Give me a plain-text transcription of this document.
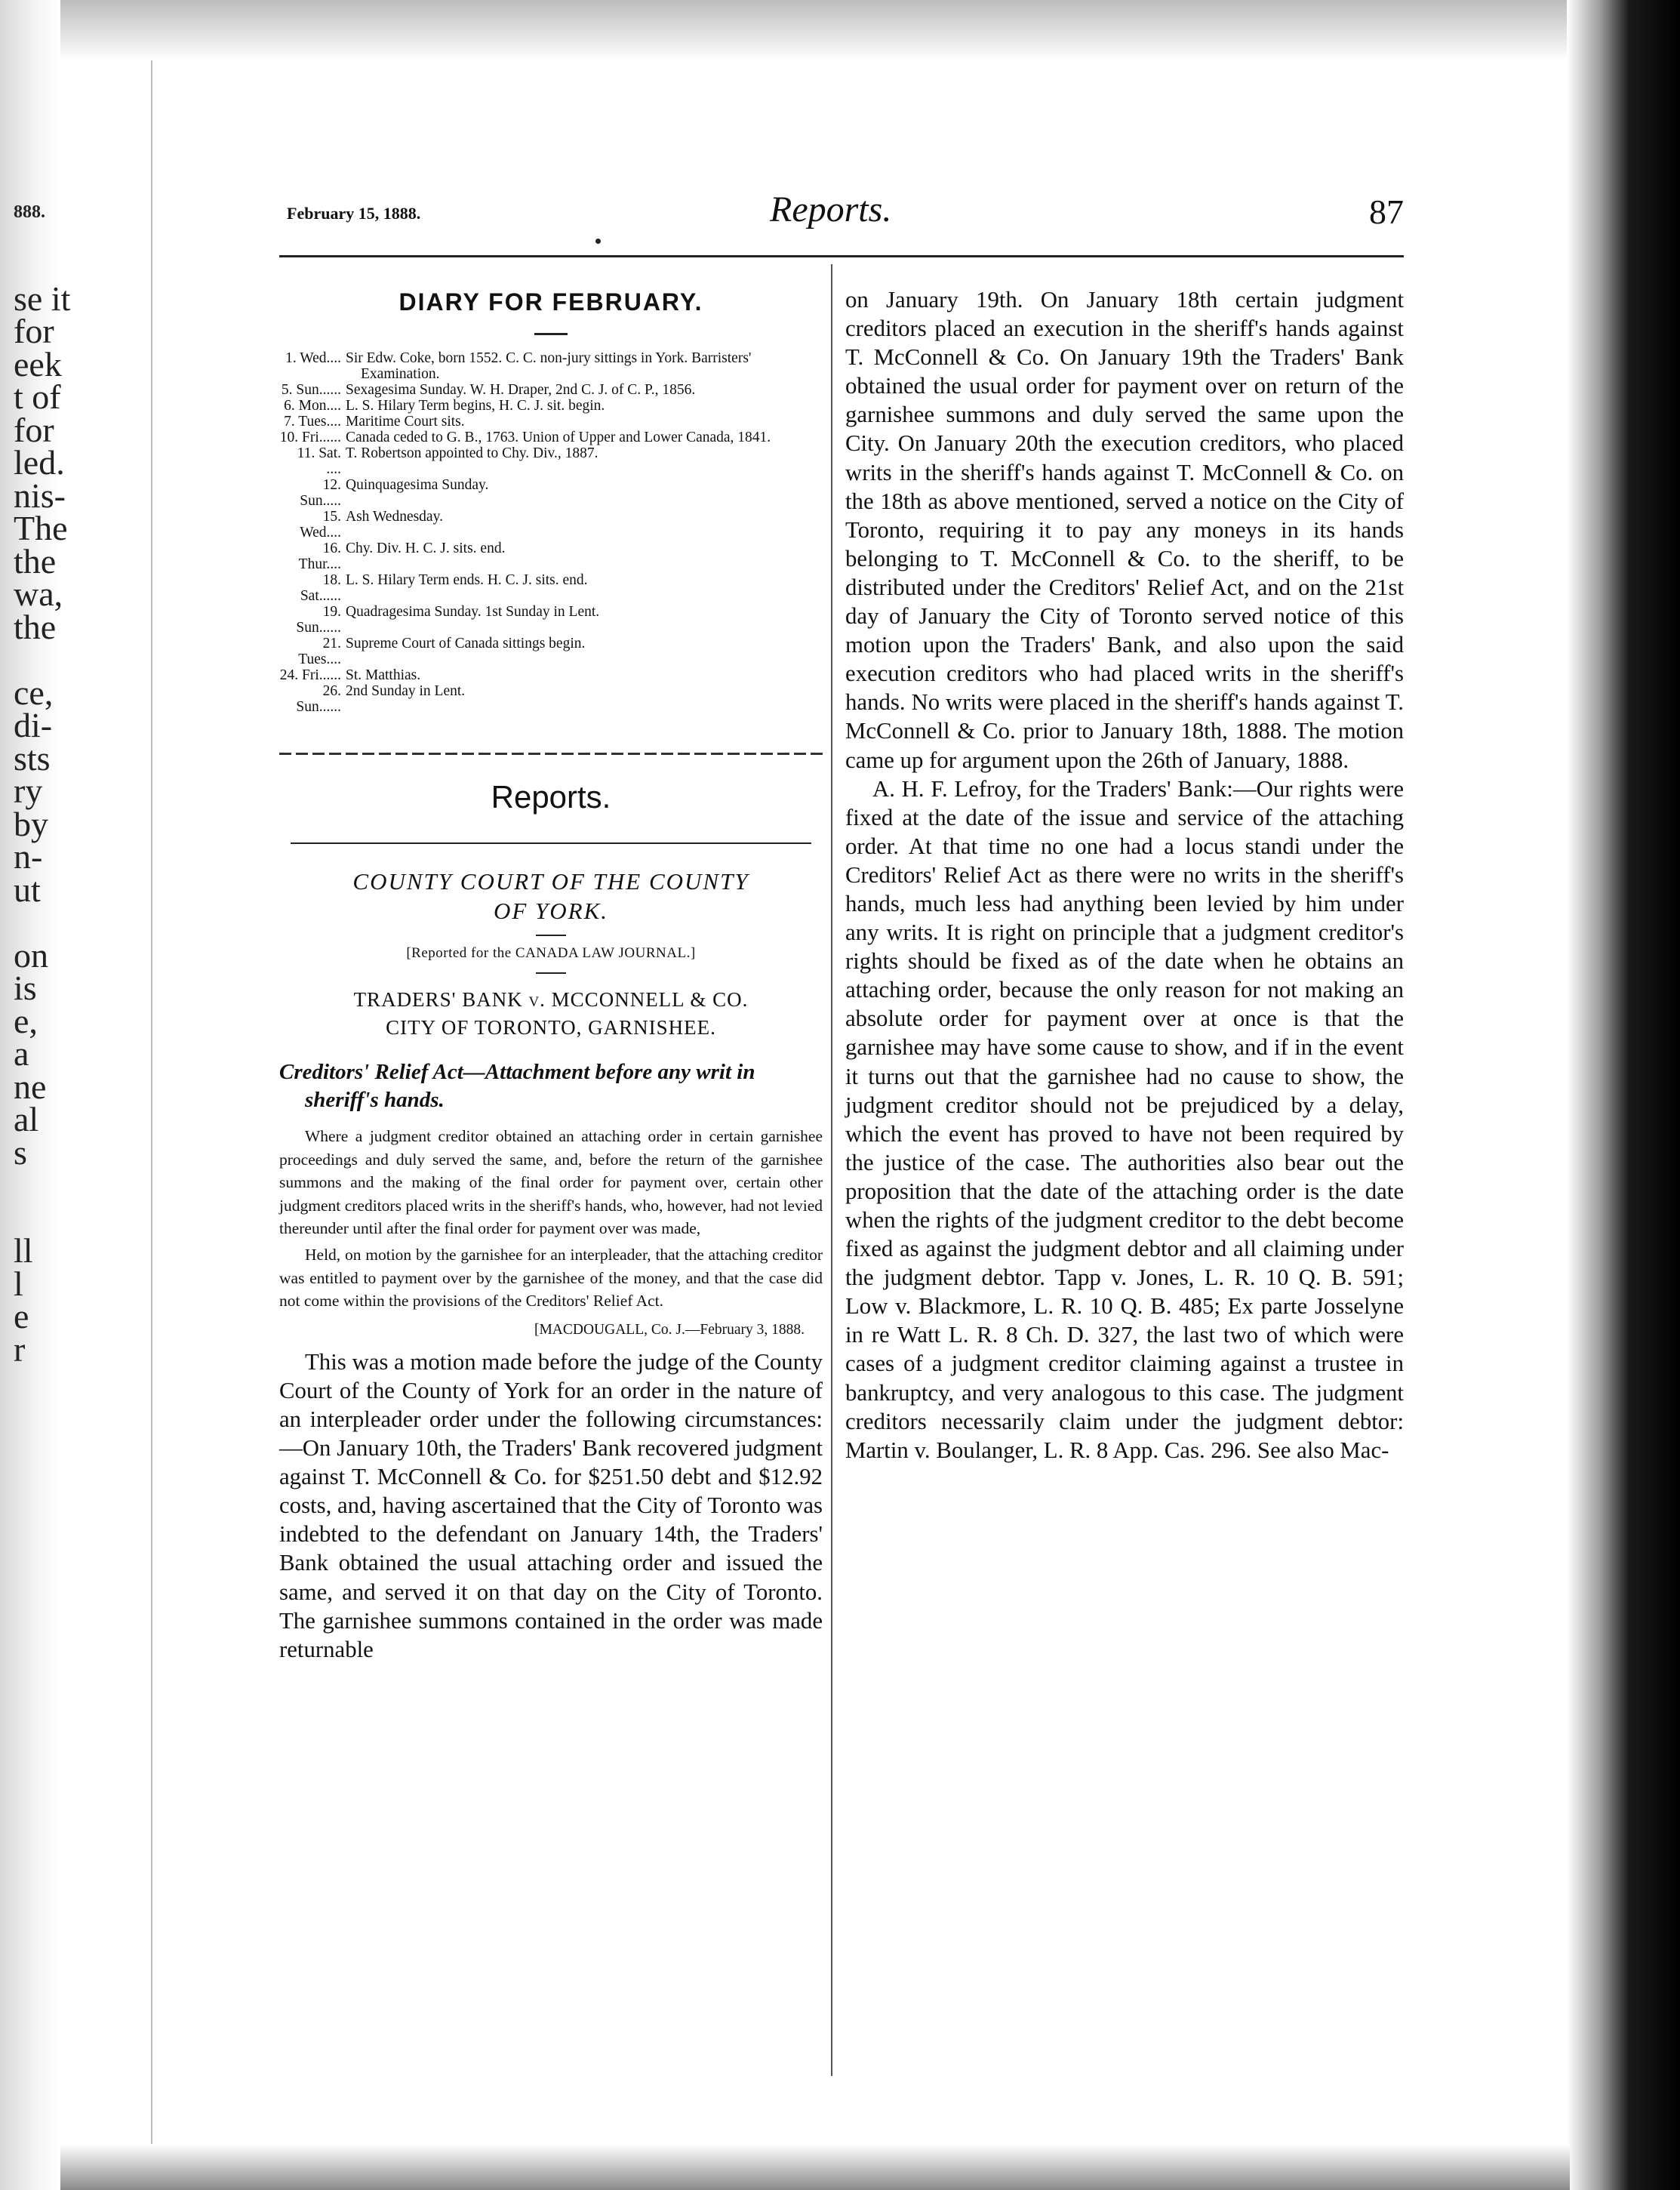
888.
se it
for
eek
t of
for
led.
nis-
The
the
wa,
the
ce,
di-
sts
ry
by
n-
ut
on
is
e,
a
ne
al
s
ll
l
e
r
February 15, 1888.	Reports.	87
DIARY FOR FEBRUARY.
1. Wed.... Sir Edw. Coke, born 1552. C. C. non-jury sittings in York. Barristers' Examination.
5. Sun...... Sexagesima Sunday. W. H. Draper, 2nd C. J. of C. P., 1856.
6. Mon.... L. S. Hilary Term begins, H. C. J. sit. begin.
7. Tues.... Maritime Court sits.
10. Fri...... Canada ceded to G. B., 1763. Union of Upper and Lower Canada, 1841.
11. Sat. ....
T. Robertson appointed to Chy. Div., 1887.
12. Sun.....
Quinquagesima Sunday.
15. Wed....
Ash Wednesday.
16. Thur....
Chy. Div. H. C. J. sits. end.
18. Sat......
L. S. Hilary Term ends. H. C. J. sits. end.
19. Sun......
Quadragesima Sunday. 1st Sunday in Lent.
21. Tues....
Supreme Court of Canada sittings begin.
24. Fri...... St. Matthias.
26. Sun......
2nd Sunday in Lent.
Reports.
COUNTY COURT OF THE COUNTY
OF YORK.
[Reported for the CANADA LAW JOURNAL.]
TRADERS' BANK v. MCCONNELL & CO.
CITY OF TORONTO, GARNISHEE.
Creditors' Relief Act—Attachment before any writ in sheriff's hands.

Where a judgment creditor obtained an attaching order in certain garnishee proceedings and duly served the same, and, before the return of the garnishee summons and the making of the final order for payment over, certain other judgment creditors placed writs in the sheriff's hands, who, however, had not levied thereunder until after the final order for payment over was made,

Held, on motion by the garnishee for an interpleader, that the attaching creditor was entitled to payment over by the garnishee of the money, and that the case did not come within the provisions of the Creditors' Relief Act.

[MACDOUGALL, Co. J.—February 3, 1888.

This was a motion made before the judge of the County Court of the County of York for an order in the nature of an interpleader order under the following circumstances:—On January 10th, the Traders' Bank recovered judgment against T. McConnell & Co. for $251.50 debt and $12.92 costs, and, having ascertained that the City of Toronto was indebted to the defendant on January 14th, the Traders' Bank obtained the usual attaching order and issued the same, and served it on that day on the City of Toronto. The garnishee summons contained in the order was made returnable

on January 19th. On January 18th certain judgment creditors placed an execution in the sheriff's hands against T. McConnell & Co. On January 19th the Traders' Bank obtained the usual order for payment over on return of the garnishee summons and duly served the same upon the City. On January 20th the execution creditors, who placed writs in the sheriff's hands against T. McConnell & Co. on the 18th as above mentioned, served a notice on the City of Toronto, requiring it to pay any moneys in its hands belonging to T. McConnell & Co. to the sheriff, to be distributed under the Creditors' Relief Act, and on the 21st day of January the City of Toronto served notice of this motion upon the Traders' Bank, and also upon the said execution creditors who had placed writs in the sheriff's hands. No writs were placed in the sheriff's hands against T. McConnell & Co. prior to January 18th, 1888. The motion came up for argument upon the 26th of January, 1888.

A. H. F. Lefroy, for the Traders' Bank:—Our rights were fixed at the date of the issue and service of the attaching order. At that time no one had a locus standi under the Creditors' Relief Act as there were no writs in the sheriff's hands, much less had anything been levied by him under any writs. It is right on principle that a judgment creditor's rights should be fixed as of the date when he obtains an attaching order, because the only reason for not making an absolute order for payment over at once is that the garnishee may have some cause to show, and if in the event it turns out that the garnishee had no cause to show, the judgment creditor should not be prejudiced by a delay, which the event has proved to have not been required by the justice of the case. The authorities also bear out the proposition that the date of the attaching order is the date when the rights of the judgment creditor to the debt become fixed as against the judgment debtor and all claiming under the judgment debtor. Tapp v. Jones, L. R. 10 Q. B. 591; Low v. Blackmore, L. R. 10 Q. B. 485; Ex parte Josselyne in re Watt L. R. 8 Ch. D. 327, the last two of which were cases of a judgment creditor claiming against a trustee in bankruptcy, and very analogous to this case. The judgment creditors necessarily claim under the judgment debtor: Martin v. Boulanger, L. R. 8 App. Cas. 296. See also Mac-
